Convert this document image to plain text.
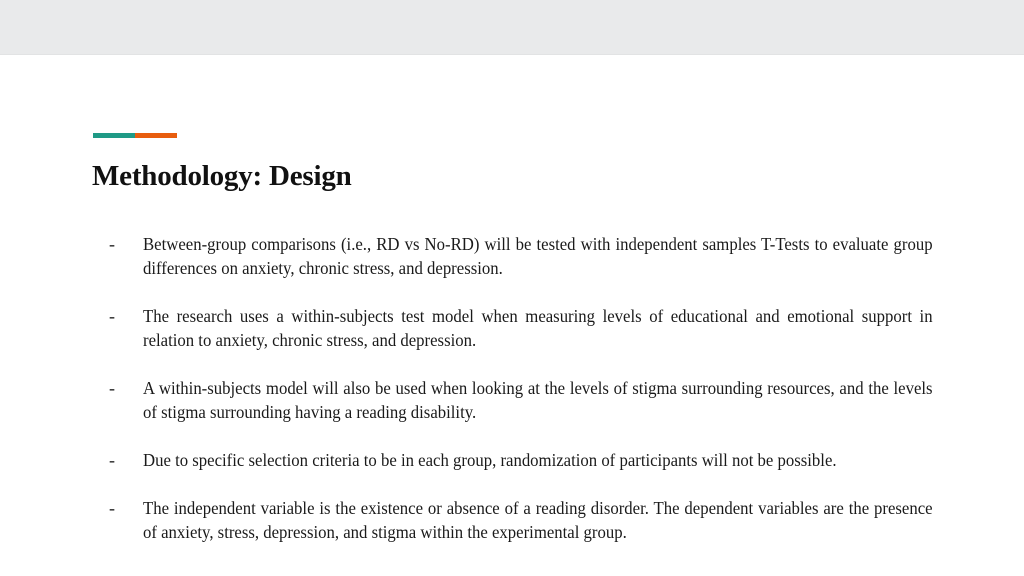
Methodology: Design
- Between-group comparisons (i.e., RD vs No-RD) will be tested with independent samples T-Tests to evaluate group differences on anxiety, chronic stress, and depression.
- The research uses a within-subjects test model when measuring levels of educational and emotional support in relation to anxiety, chronic stress, and depression.
- A within-subjects model will also be used when looking at the levels of stigma surrounding resources, and the levels of stigma surrounding having a reading disability.
- Due to specific selection criteria to be in each group, randomization of participants will not be possible.
- The independent variable is the existence or absence of a reading disorder. The dependent variables are the presence of anxiety, stress, depression, and stigma within the experimental group.
